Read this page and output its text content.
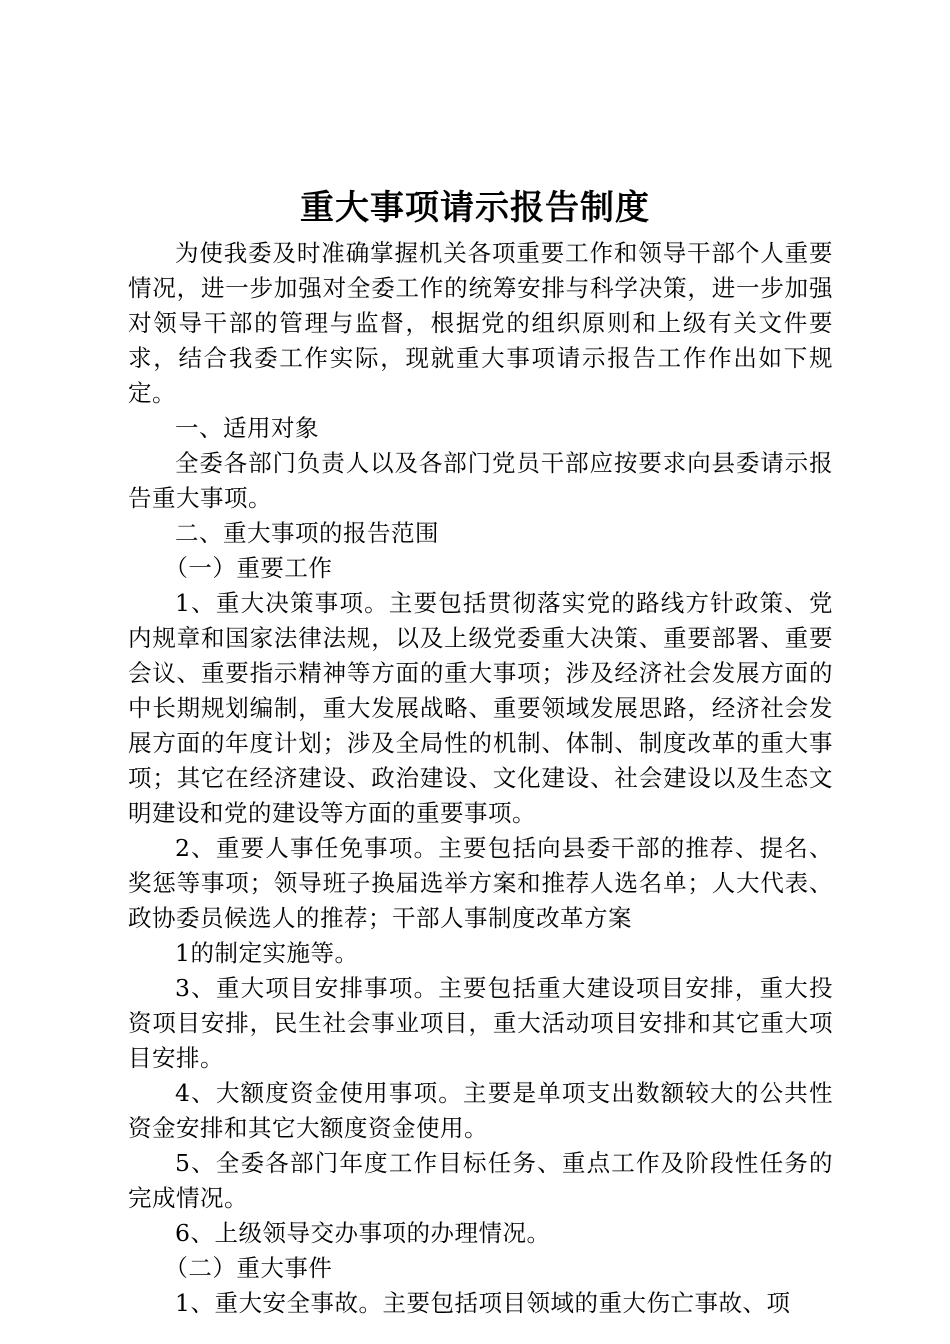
重大事项请示报告制度

为使我委及时准确掌握机关各项重要工作和领导干部个人重要情况，进一步加强对全委工作的统筹安排与科学决策，进一步加强对领导干部的管理与监督，根据党的组织原则和上级有关文件要求，结合我委工作实际，现就重大事项请示报告工作作出如下规定。

一、适用对象

全委各部门负责人以及各部门党员干部应按要求向县委请示报告重大事项。

二、重大事项的报告范围

（一）重要工作

1、重大决策事项。主要包括贯彻落实党的路线方针政策、党内规章和国家法律法规，以及上级党委重大决策、重要部署、重要会议、重要指示精神等方面的重大事项；涉及经济社会发展方面的中长期规划编制，重大发展战略、重要领域发展思路，经济社会发展方面的年度计划；涉及全局性的机制、体制、制度改革的重大事项；其它在经济建设、政治建设、文化建设、社会建设以及生态文明建设和党的建设等方面的重要事项。

2、重要人事任免事项。主要包括向县委干部的推荐、提名、奖惩等事项；领导班子换届选举方案和推荐人选名单；人大代表、政协委员候选人的推荐；干部人事制度改革方案

1的制定实施等。

3、重大项目安排事项。主要包括重大建设项目安排，重大投资项目安排，民生社会事业项目，重大活动项目安排和其它重大项目安排。

4、大额度资金使用事项。主要是单项支出数额较大的公共性资金安排和其它大额度资金使用。

5、全委各部门年度工作目标任务、重点工作及阶段性任务的完成情况。

6、上级领导交办事项的办理情况。

（二）重大事件

1、重大安全事故。主要包括项目领域的重大伤亡事故、项
